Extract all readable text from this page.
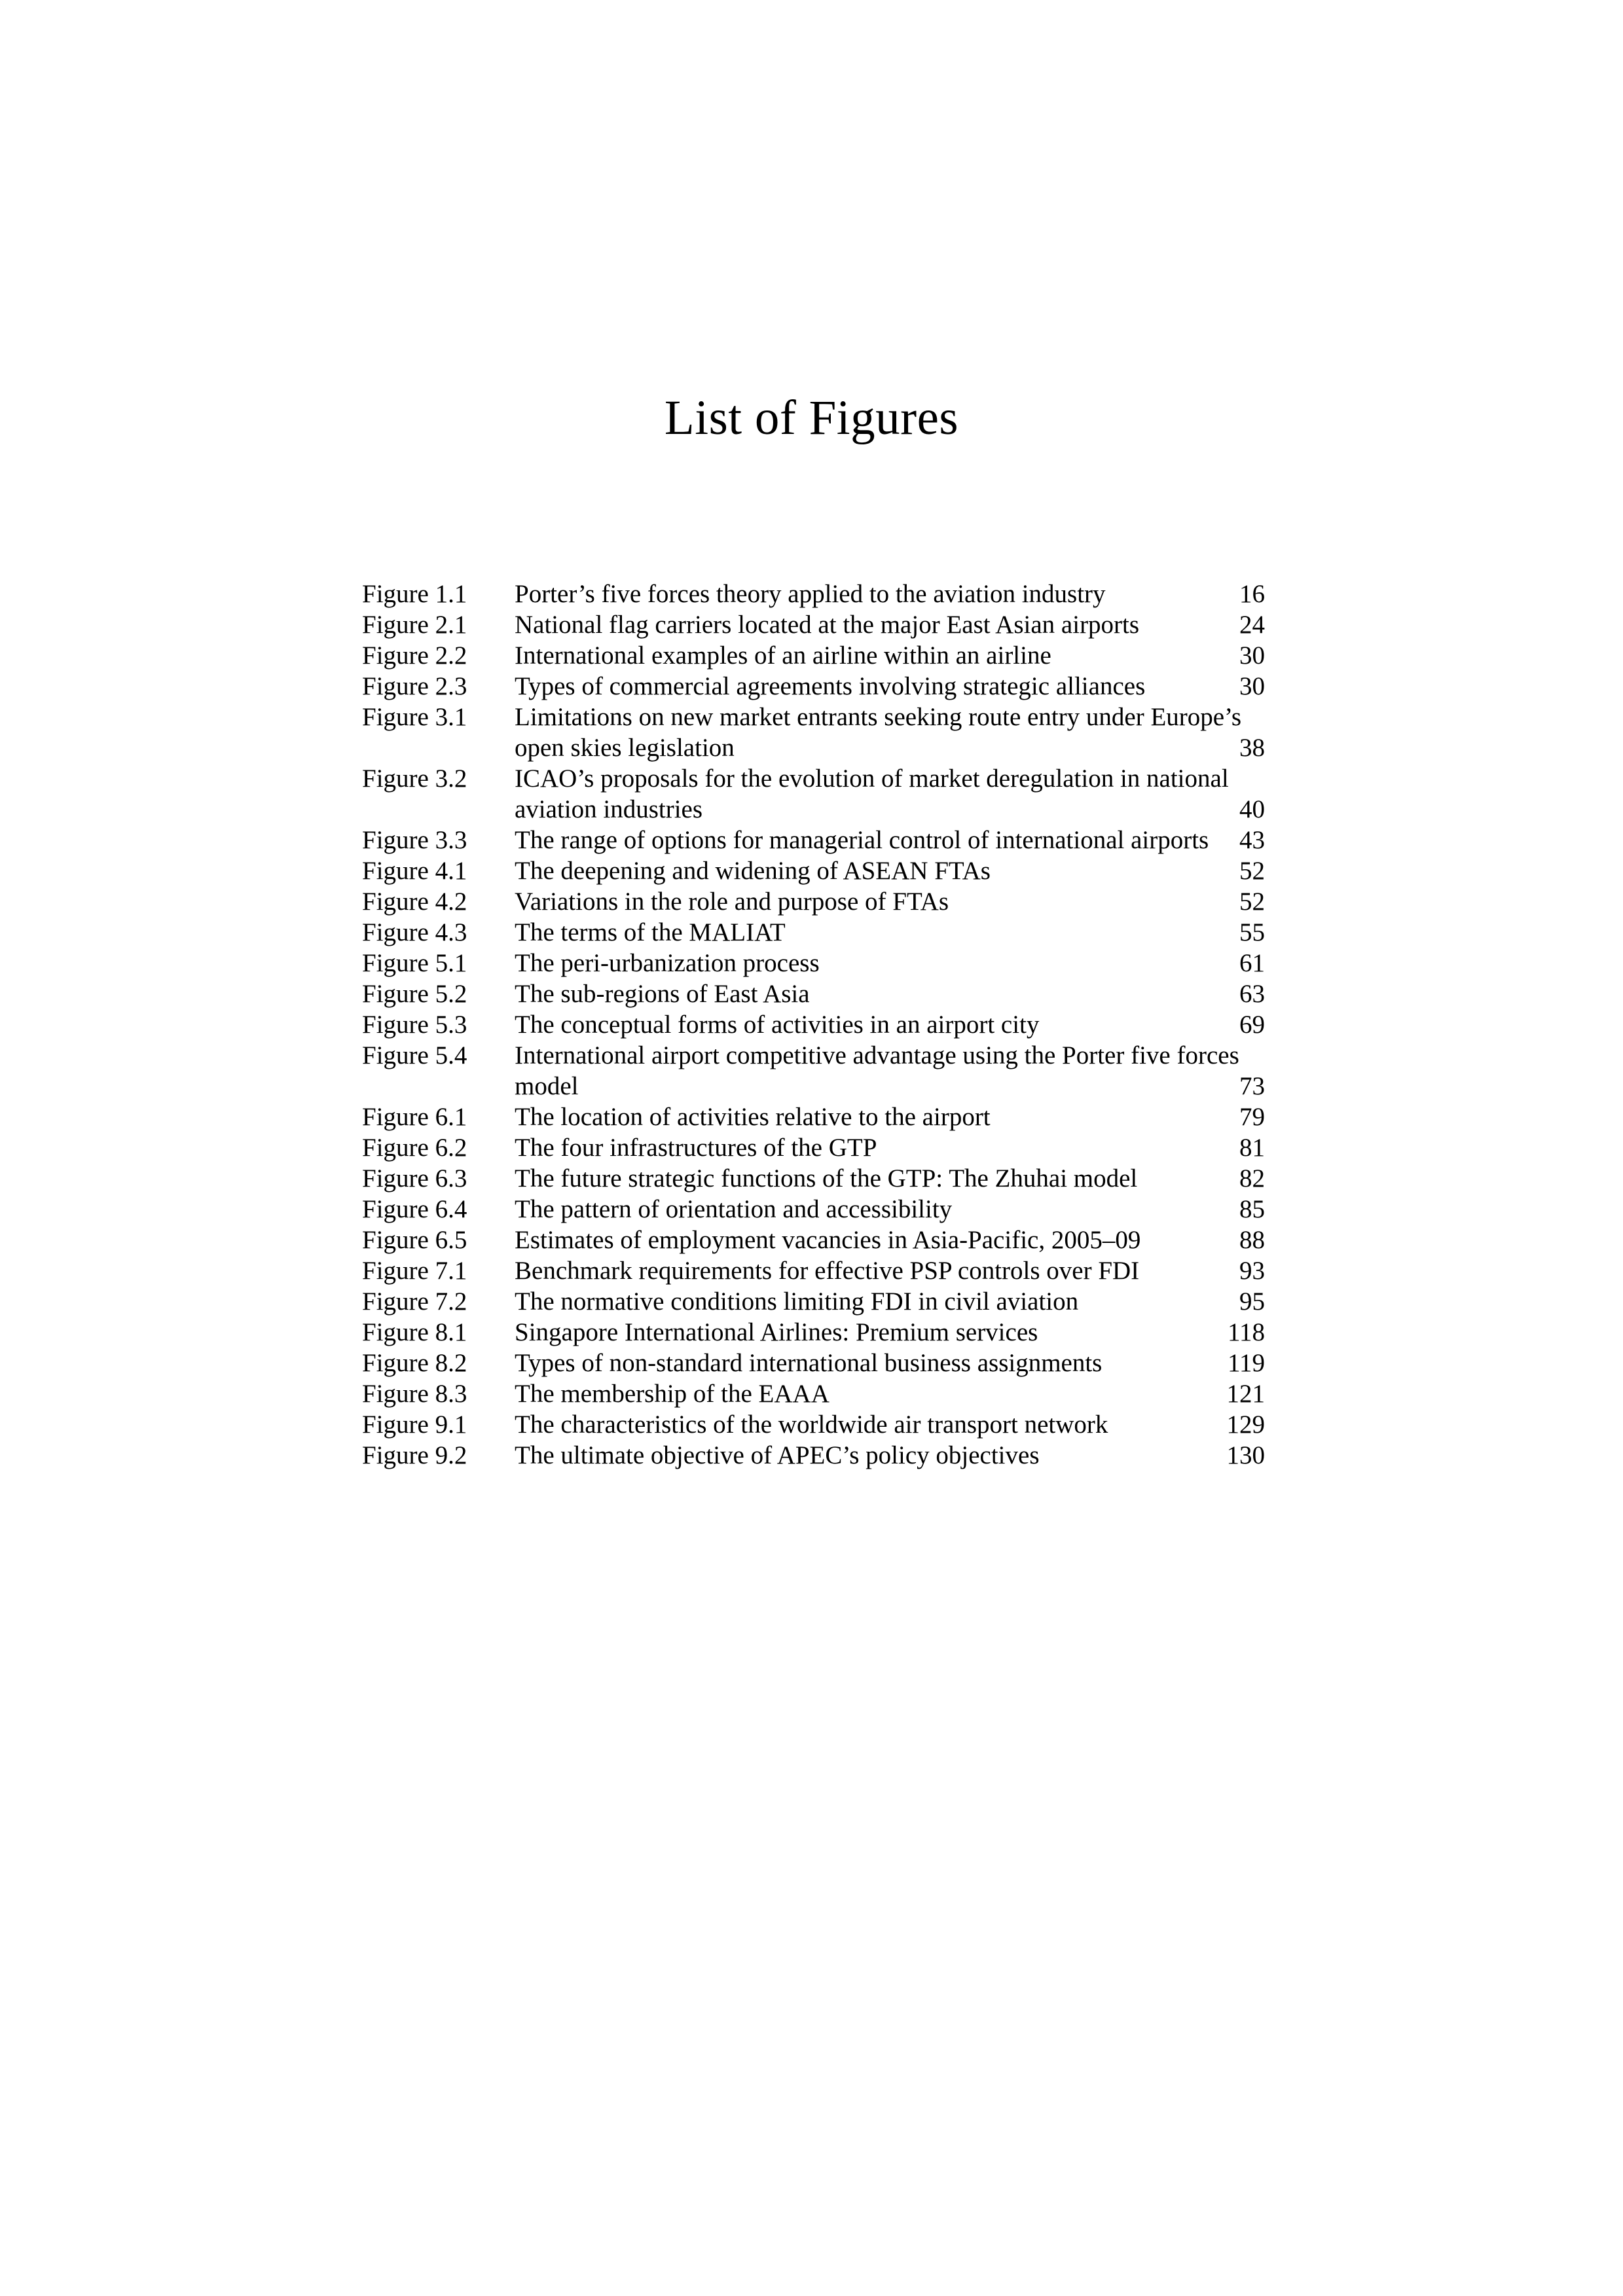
List of Figures
Figure 1.1	Porter’s five forces theory applied to the aviation industry	16
Figure 2.1	National flag carriers located at the major East Asian airports	24
Figure 2.2	International examples of an airline within an airline	30
Figure 2.3	Types of commercial agreements involving strategic alliances	30
Figure 3.1	Limitations on new market entrants seeking route entry under Europe’s open skies legislation	38
Figure 3.2	ICAO’s proposals for the evolution of market deregulation in national aviation industries	40
Figure 3.3	The range of options for managerial control of international airports	43
Figure 4.1	The deepening and widening of ASEAN FTAs	52
Figure 4.2	Variations in the role and purpose of FTAs	52
Figure 4.3	The terms of the MALIAT	55
Figure 5.1	The peri-urbanization process	61
Figure 5.2	The sub-regions of East Asia	63
Figure 5.3	The conceptual forms of activities in an airport city	69
Figure 5.4	International airport competitive advantage using the Porter five forces model	73
Figure 6.1	The location of activities relative to the airport	79
Figure 6.2	The four infrastructures of the GTP	81
Figure 6.3	The future strategic functions of the GTP: The Zhuhai model	82
Figure 6.4	The pattern of orientation and accessibility	85
Figure 6.5	Estimates of employment vacancies in Asia-Pacific, 2005–09	88
Figure 7.1	Benchmark requirements for effective PSP controls over FDI	93
Figure 7.2	The normative conditions limiting FDI in civil aviation	95
Figure 8.1	Singapore International Airlines: Premium services	118
Figure 8.2	Types of non-standard international business assignments	119
Figure 8.3	The membership of the EAAA	121
Figure 9.1	The characteristics of the worldwide air transport network	129
Figure 9.2	The ultimate objective of APEC’s policy objectives	130
